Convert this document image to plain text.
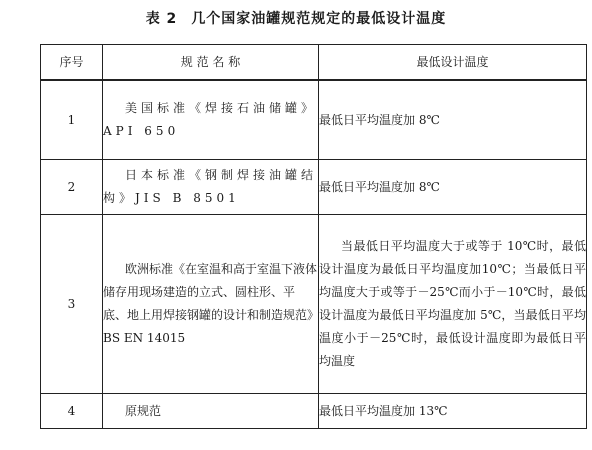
表 2 几个国家油罐规范规定的最低设计温度
序号	规 范 名 称	最低设计温度
1	美国标准《焊接石油储罐》API 650	最低日平均温度加 8℃
2	日本标准《钢制焊接油罐结构》JIS B 8501	最低日平均温度加 8℃
3	欧洲标准《在室温和高于室温下液体储存用现场建造的立式、圆柱形、平底、地上用焊接钢罐的设计和制造规范》BS EN 14015	当最低日平均温度大于或等于 10℃时，最低设计温度为最低日平均温度加10℃；当最低日平均温度大于或等于－25℃而小于－10℃时，最低设计温度为最低日平均温度加 5℃，当最低日平均温度小于－25℃时，最低设计温度即为最低日平均温度

4	原规范	最低日平均温度加 13℃
